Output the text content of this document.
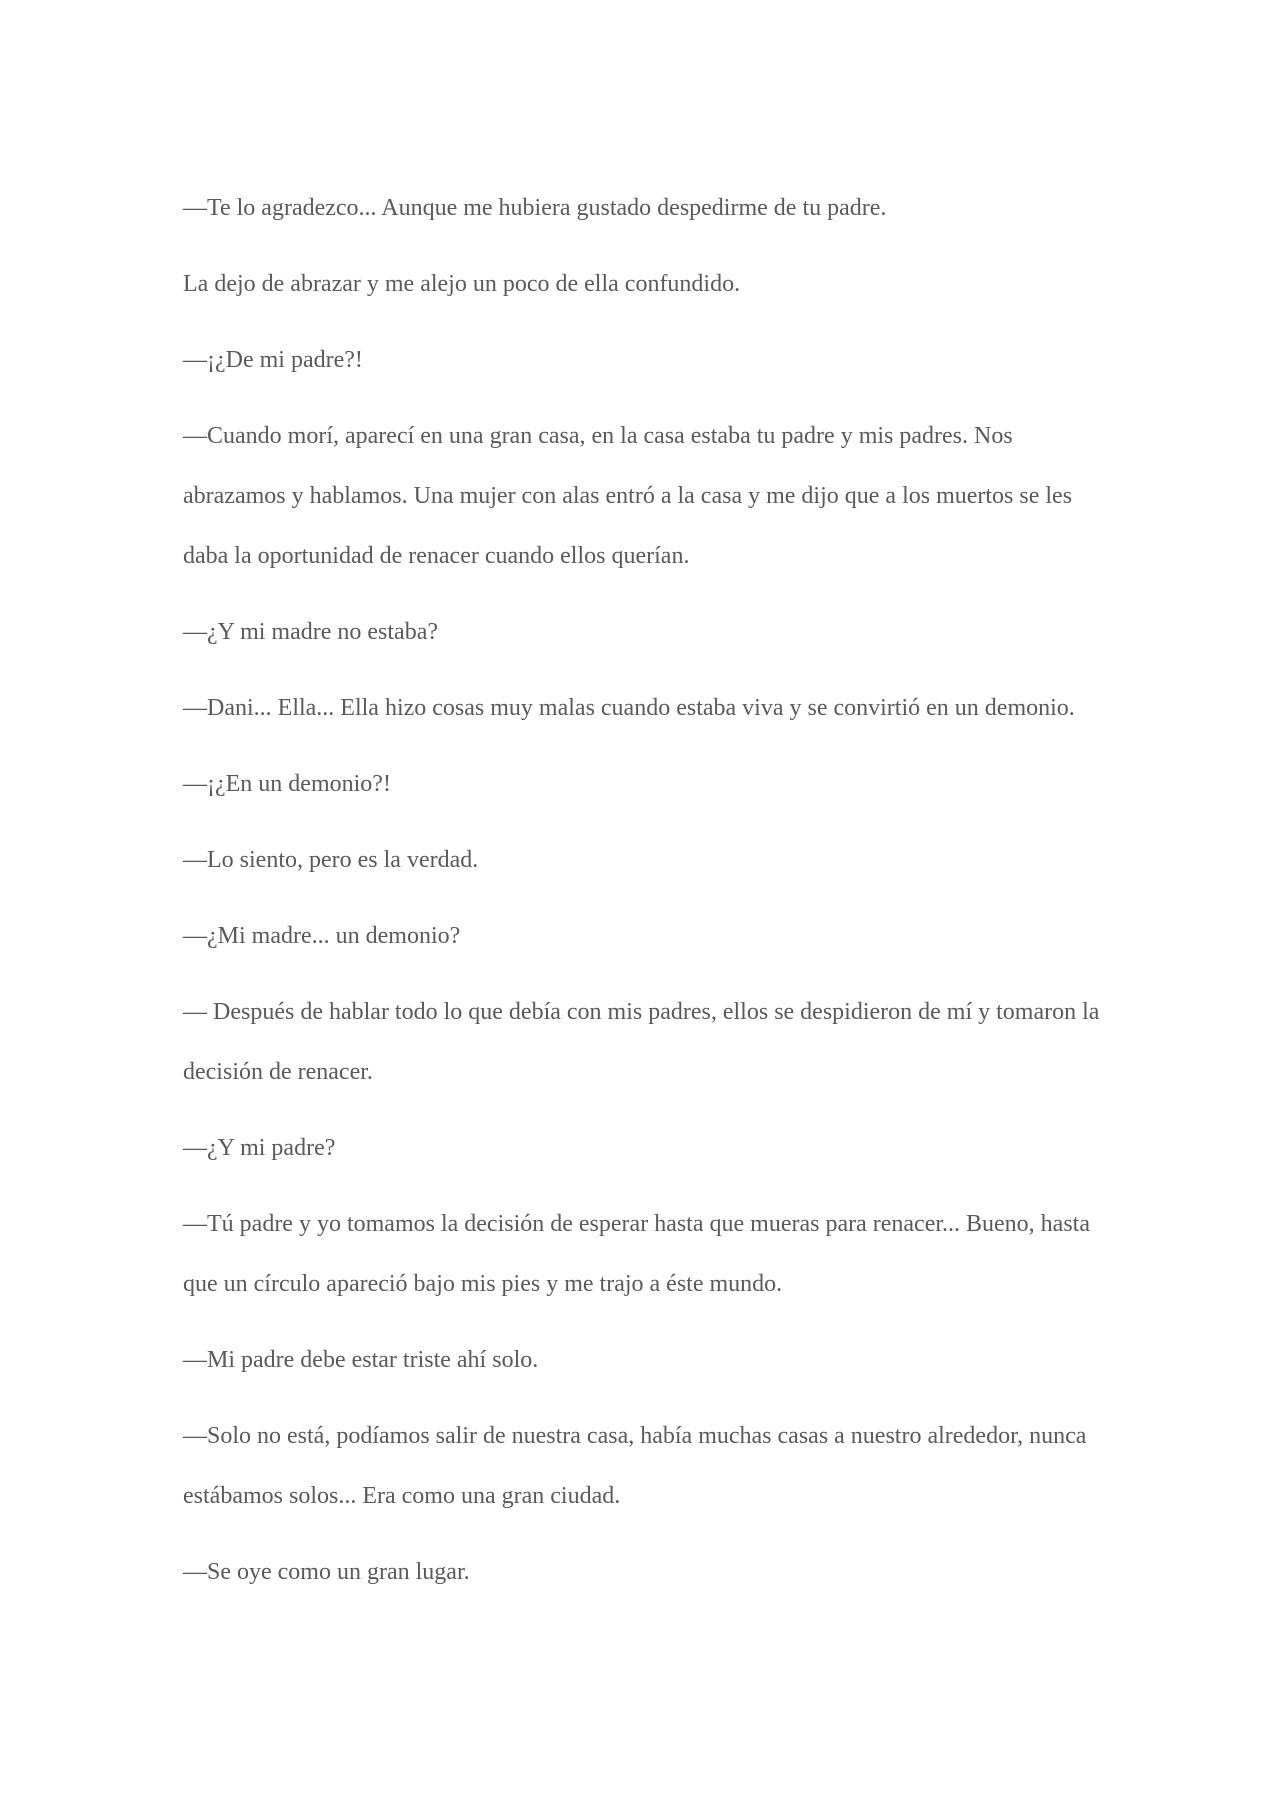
—Te lo agradezco... Aunque me hubiera gustado despedirme de tu padre.

La dejo de abrazar y me alejo un poco de ella confundido.

—¡¿De mi padre?!

—Cuando morí, aparecí en una gran casa, en la casa estaba tu padre y mis padres. Nos abrazamos y hablamos. Una mujer con alas entró a la casa y me dijo que a los muertos se les daba la oportunidad de renacer cuando ellos querían.

—¿Y mi madre no estaba?

—Dani... Ella... Ella hizo cosas muy malas cuando estaba viva y se convirtió en un demonio.

—¡¿En un demonio?!

—Lo siento, pero es la verdad.

—¿Mi madre... un demonio?

— Después de hablar todo lo que debía con mis padres, ellos se despidieron de mí y tomaron la decisión de renacer.

—¿Y mi padre?

—Tú padre y yo tomamos la decisión de esperar hasta que mueras para renacer... Bueno, hasta que un círculo apareció bajo mis pies y me trajo a éste mundo.

—Mi padre debe estar triste ahí solo.

—Solo no está, podíamos salir de nuestra casa, había muchas casas a nuestro alrededor, nunca estábamos solos... Era como una gran ciudad.

—Se oye como un gran lugar.
